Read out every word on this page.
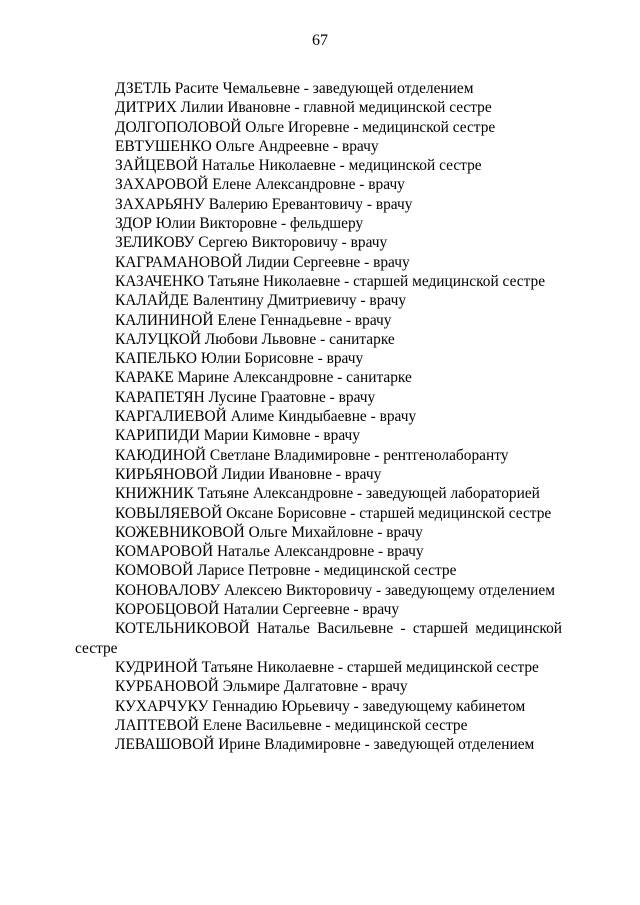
67
ДЗЕТЛЬ Расите Чемальевне - заведующей отделением
ДИТРИХ Лилии Ивановне - главной медицинской сестре
ДОЛГОПОЛОВОЙ Ольге Игоревне - медицинской сестре
ЕВТУШЕНКО Ольге Андреевне - врачу
ЗАЙЦЕВОЙ Наталье Николаевне - медицинской сестре
ЗАХАРОВОЙ Елене Александровне - врачу
ЗАХАРЬЯНУ Валерию Еревантовичу - врачу
ЗДОР Юлии Викторовне - фельдшеру
ЗЕЛИКОВУ Сергею Викторовичу - врачу
КАГРАМАНОВОЙ Лидии Сергеевне - врачу
КАЗАЧЕНКО Татьяне Николаевне - старшей медицинской сестре
КАЛАЙДЕ Валентину Дмитриевичу - врачу
КАЛИНИНОЙ Елене Геннадьевне - врачу
КАЛУЦКОЙ Любови Львовне - санитарке
КАПЕЛЬКО Юлии Борисовне - врачу
КАРАКЕ Марине Александровне - санитарке
КАРАПЕТЯН Лусине Граатовне - врачу
КАРГАЛИЕВОЙ Алиме Киндыбаевне - врачу
КАРИПИДИ Марии Кимовне - врачу
КАЮДИНОЙ Светлане Владимировне - рентгенолаборанту
КИРЬЯНОВОЙ Лидии Ивановне - врачу
КНИЖНИК Татьяне Александровне - заведующей лабораторией
КОВЫЛЯЕВОЙ Оксане Борисовне - старшей медицинской сестре
КОЖЕВНИКОВОЙ Ольге Михайловне - врачу
КОМАРОВОЙ Наталье Александровне - врачу
КОМОВОЙ Ларисе Петровне - медицинской сестре
КОНОВАЛОВУ Алексею Викторовичу - заведующему отделением
КОРОБЦОВОЙ Наталии Сергеевне - врачу
КОТЕЛЬНИКОВОЙ Наталье Васильевне - старшей медицинской сестре
КУДРИНОЙ Татьяне Николаевне - старшей медицинской сестре
КУРБАНОВОЙ Эльмире Далгатовне - врачу
КУХАРЧУКУ Геннадию Юрьевичу - заведующему кабинетом
ЛАПТЕВОЙ Елене Васильевне - медицинской сестре
ЛЕВАШОВОЙ Ирине Владимировне - заведующей отделением
